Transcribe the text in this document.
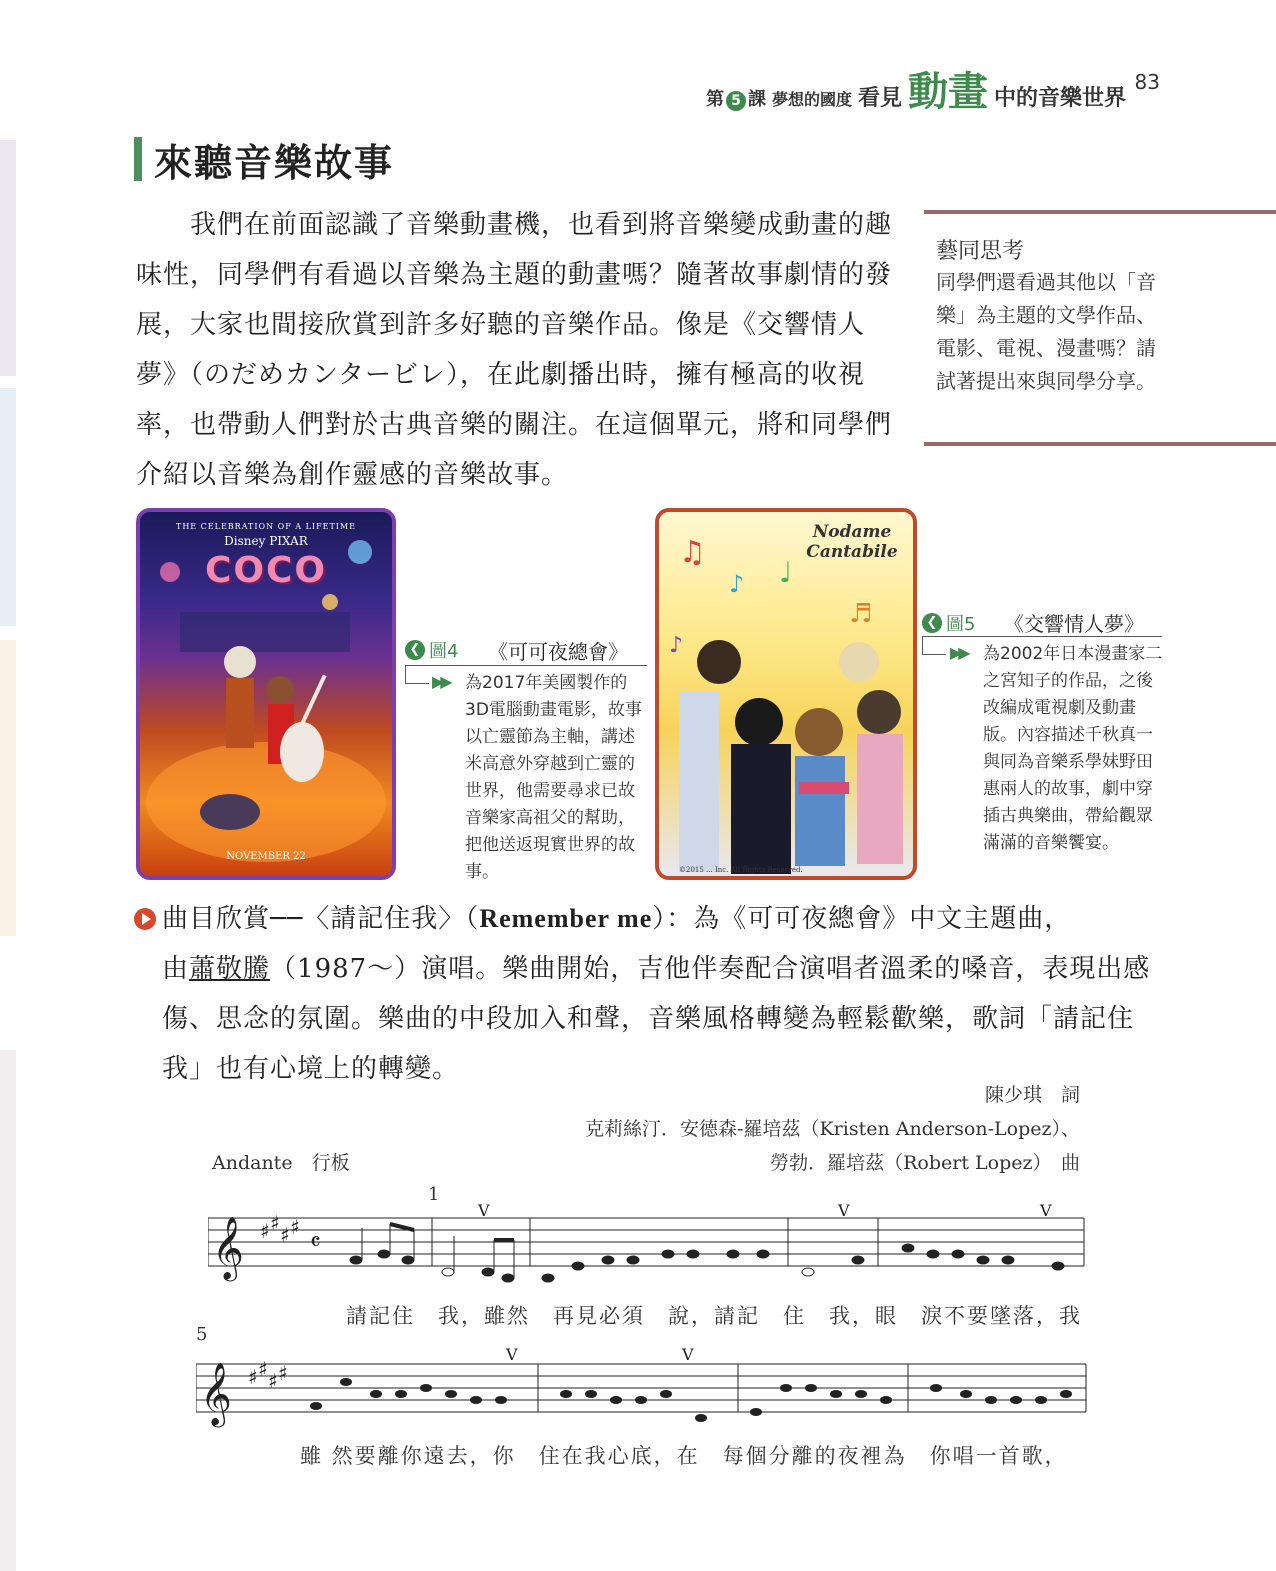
第 5 課 夢想的國度 看見 動畫 中的音樂世界
83
來聽音樂故事

我們在前面認識了音樂動畫機，也看到將音樂變成動畫的趣味性，同學們有看過以音樂為主題的動畫嗎？隨著故事劇情的發展，大家也間接欣賞到許多好聽的音樂作品。像是《交響情人夢》（のだめカンタービレ），在此劇播出時，擁有極高的收視率，也帶動人們對於古典音樂的關注。在這個單元，將和同學們介紹以音樂為創作靈感的音樂故事。

藝同思考
同學們還看過其他以「音樂」為主題的文學作品、電影、電視、漫畫嗎？請試著提出來與同學分享。
THE CELEBRATION OF A LIFETIME
Disney PIXAR
COCO
NOVEMBER 22
♫
♪ ♩
♬
♪
Nodame Cantabile
©2015 ... Inc. All Rights Reserved.
❮ 圖4 《可可夜總會》
▶▶ 為2017年美國製作的3D電腦動畫電影，故事以亡靈節為主軸，講述米高意外穿越到亡靈的世界，他需要尋求已故音樂家高祖父的幫助，把他送返現實世界的故事。
❮ 圖5 《交響情人夢》
▶▶ 為2002年日本漫畫家二之宮知子的作品，之後改編成電視劇及動畫版。內容描述千秋真一與同為音樂系學妹野田惠兩人的故事，劇中穿插古典樂曲，帶給觀眾滿滿的音樂饗宴。
曲目欣賞──〈請記住我〉（ Remember me ）：為《可可夜總會》中文主題曲，
由蕭敬騰（1987～）演唱。樂曲開始，吉他伴奏配合演唱者溫柔的嗓音，表現出感傷、思念的氛圍。樂曲的中段加入和聲，音樂風格轉變為輕鬆歡樂，歌詞「請記住我」也有心境上的轉變。
陳少琪　詞
克莉絲汀．安德森-羅培茲（Kristen Anderson-Lopez）、
勞勃．羅培茲（Robert Lopez）　曲
Andante　行板
1
𝄞 ♯ ♯ ♯ ♯
𝄴
V	V	V
請記住　我，雖然　再見必須　說，請記　住　我，眼　淚不要墜落，我
5
𝄞 ♯ ♯ ♯ ♯
V	V
雖 然要離你遠去，你　住在我心底，在　每個分離的夜裡為　你唱一首歌，
